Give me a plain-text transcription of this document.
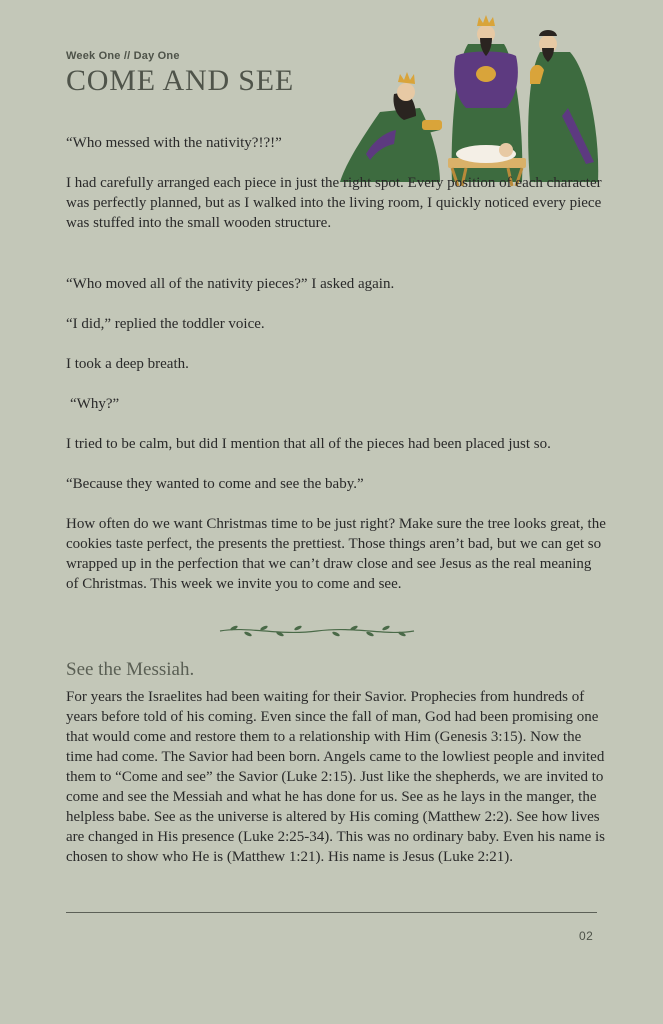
Week One // Day One
COME AND SEE

“Who messed with the nativity?!?!”

I had carefully arranged each piece in just the right spot. Every position of each character was perfectly planned, but as I walked into the living room, I quickly noticed every piece was stuffed into the small wooden structure.

“Who moved all of the nativity pieces?” I asked again.

“I did,” replied the toddler voice.

I took a deep breath.

“Why?”

I tried to be calm, but did I mention that all of the pieces had been placed just so.

“Because they wanted to come and see the baby.”

How often do we want Christmas time to be just right? Make sure the tree looks great, the cookies taste perfect, the presents the prettiest. Those things aren’t bad, but we can get so wrapped up in the perfection that we can’t draw close and see Jesus as the real meaning of Christmas. This week we invite you to come and see.

See the Messiah.

For years the Israelites had been waiting for their Savior. Prophecies from hundreds of years before told of his coming. Even since the fall of man, God had been promising one that would come and restore them to a relationship with Him (Genesis 3:15). Now the time had come. The Savior had been born. Angels came to the lowliest people and invited them to “Come and see” the Savior (Luke 2:15). Just like the shepherds, we are invited to come and see the Messiah and what he has done for us. See as he lays in the manger, the helpless babe. See as the universe is altered by His coming (Matthew 2:2). See how lives are changed in His presence (Luke 2:25-34). This was no ordinary baby. Even his name is chosen to show who He is (Matthew 1:21). His name is Jesus (Luke 2:21).

02
